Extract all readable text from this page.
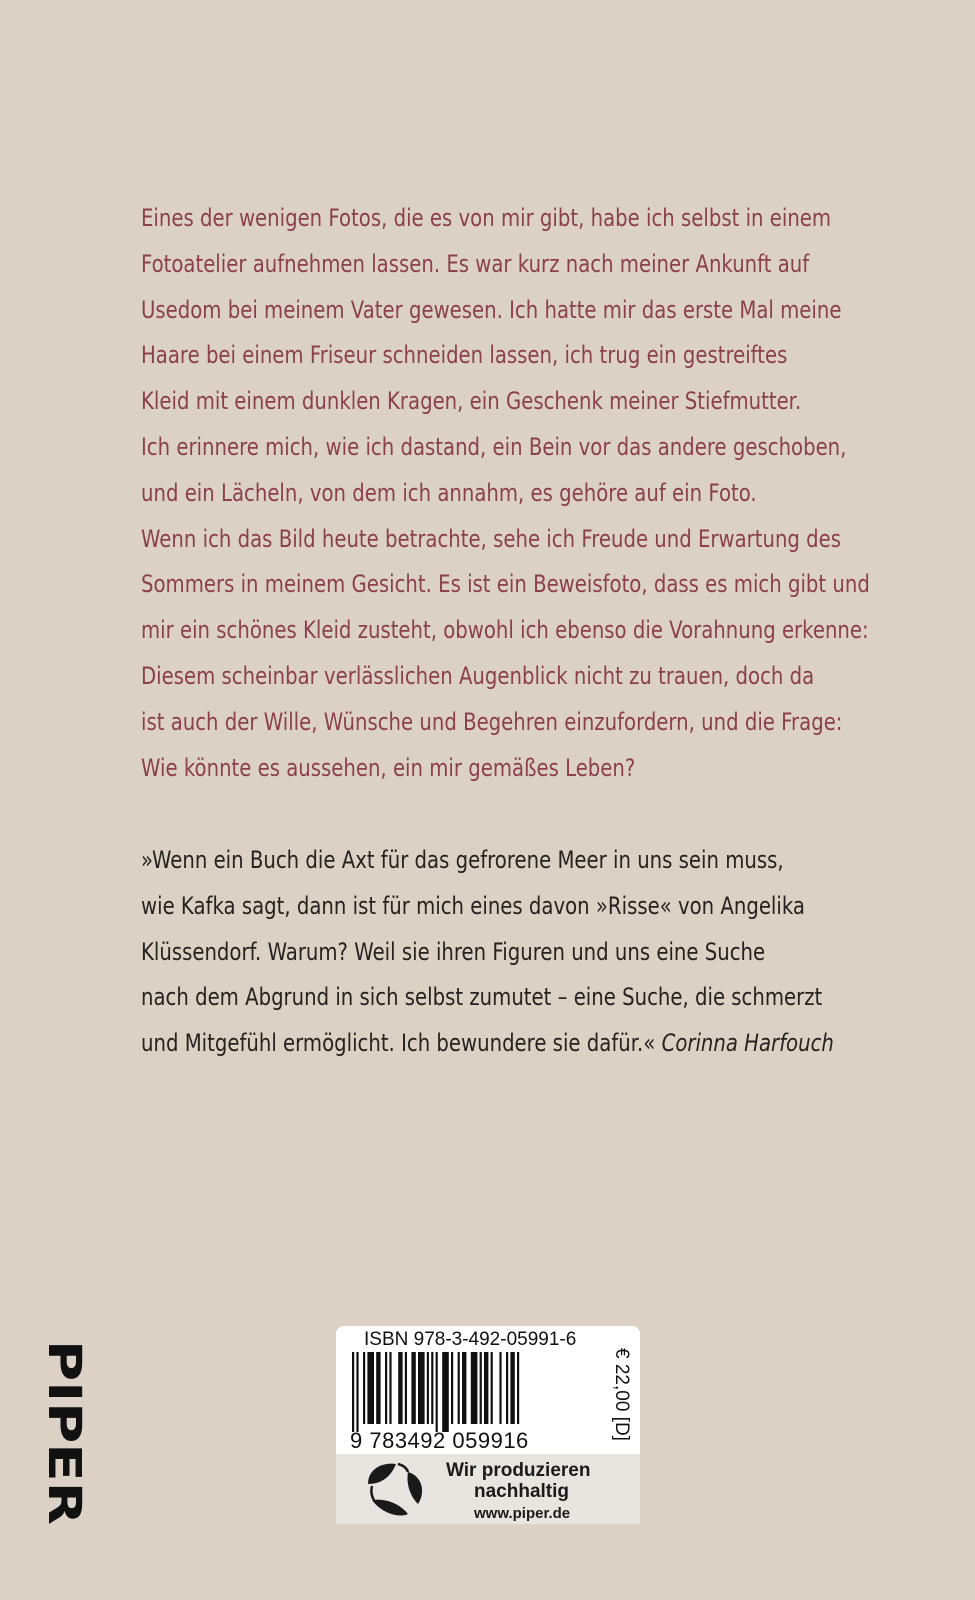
Eines der wenigen Fotos, die es von mir gibt, habe ich selbst in einem
Fotoatelier aufnehmen lassen. Es war kurz nach meiner Ankunft auf
Usedom bei meinem Vater gewesen. Ich hatte mir das erste Mal meine
Haare bei einem Friseur schneiden lassen, ich trug ein gestreiftes
Kleid mit einem dunklen Kragen, ein Geschenk meiner Stiefmutter.
Ich erinnere mich, wie ich dastand, ein Bein vor das andere geschoben,
und ein Lächeln, von dem ich annahm, es gehöre auf ein Foto.
Wenn ich das Bild heute betrachte, sehe ich Freude und Erwartung des
Sommers in meinem Gesicht. Es ist ein Beweisfoto, dass es mich gibt und
mir ein schönes Kleid zusteht, obwohl ich ebenso die Vorahnung erkenne:
Diesem scheinbar verlässlichen Augenblick nicht zu trauen, doch da
ist auch der Wille, Wünsche und Begehren einzufordern, und die Frage:
Wie könnte es aussehen, ein mir gemäßes Leben?
»Wenn ein Buch die Axt für das gefrorene Meer in uns sein muss,
wie Kafka sagt, dann ist für mich eines davon »Risse« von Angelika
Klüssendorf. Warum? Weil sie ihren Figuren und uns eine Suche
nach dem Abgrund in sich selbst zumutet – eine Suche, die schmerzt
und Mitgefühl ermöglicht. Ich bewundere sie dafür.« Corinna Harfouch
PIPER
ISBN 978-3-492-05991-6
9 783492 059916	€ 22,00 [D]
Wir produzieren
nachhaltig
www.piper.de
